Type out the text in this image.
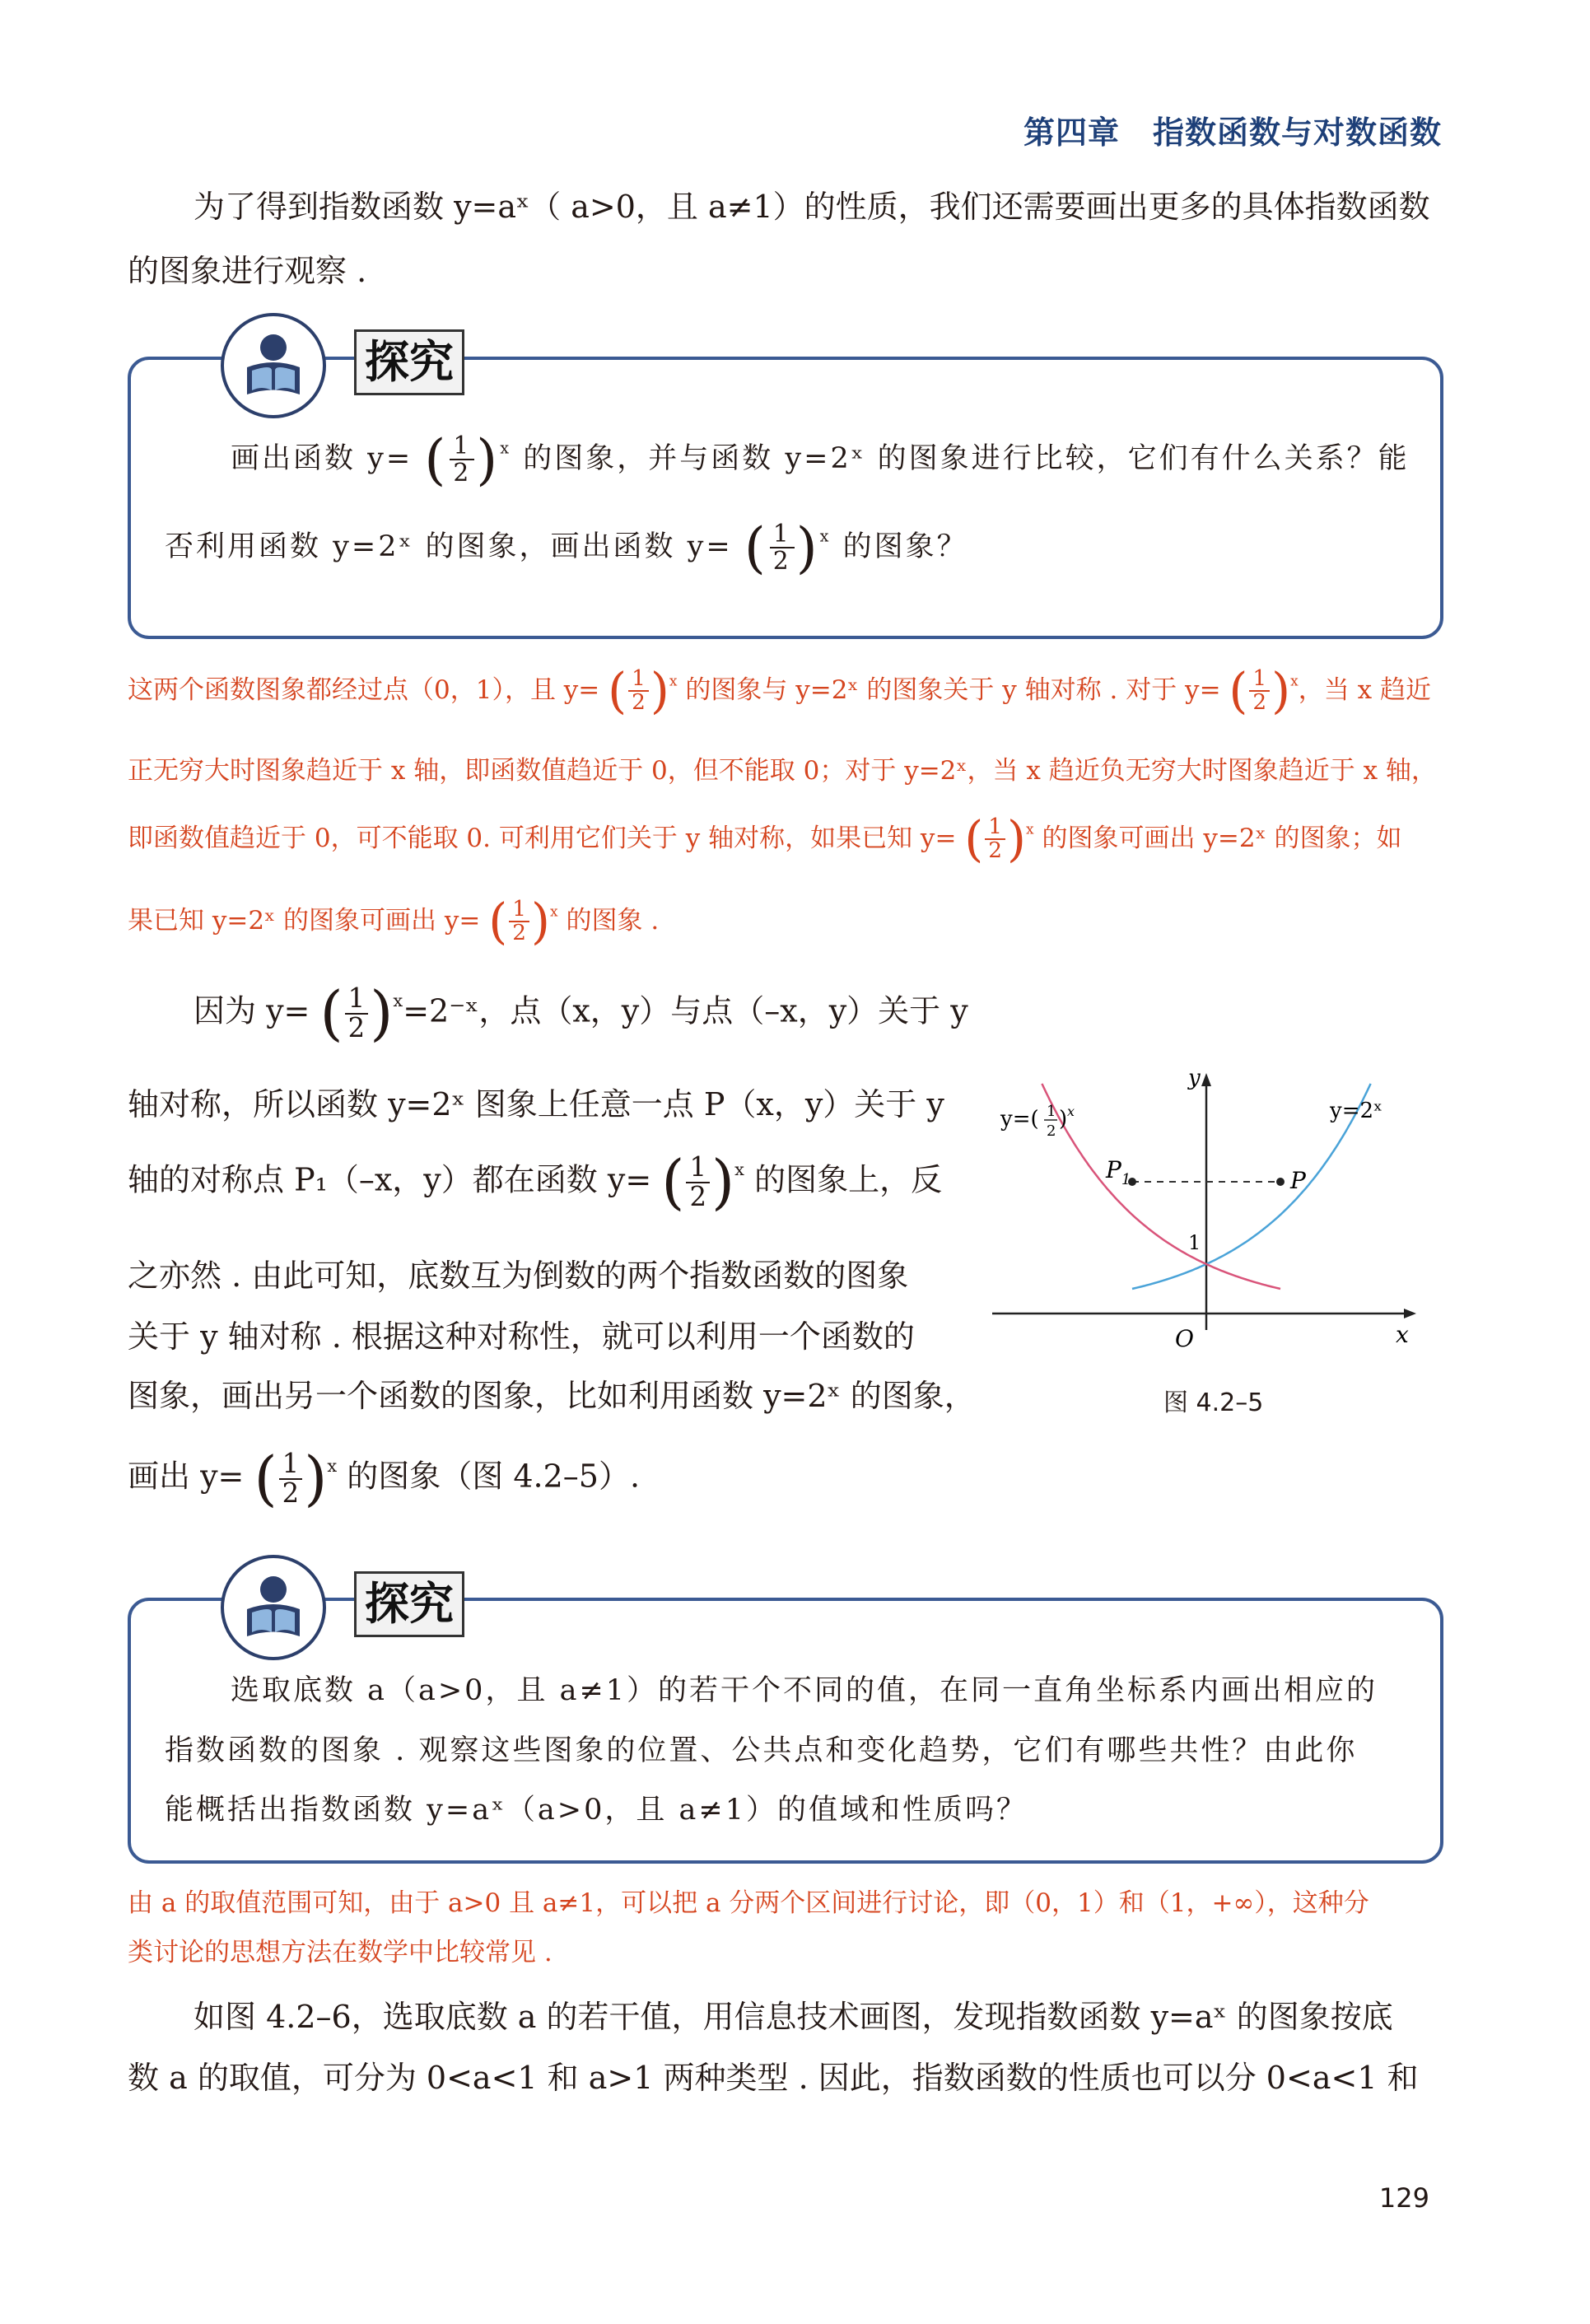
第四章 指数函数与对数函数
为了得到指数函数 y=aˣ（ a>0，且 a≠1）的性质，我们还需要画出更多的具体指数函数
的图象进行观察 .
探究
画出函数 y= ( $\frac{1}{2} )^x$ 的图象，并与函数 y=2ˣ 的图象进行比较，它们有什么关系？能
否利用函数 y=2ˣ 的图象，画出函数 y= ( $\frac{1}{2} )^x$ 的图象？
这两个函数图象都经过点（0，1），且 y= ( $\frac{1}{2} )^x$ 的图象与 y=2ˣ 的图象关于 y 轴对称 . 对于 y= ( $\frac{1}{2} )^x$，当 x 趋近
正无穷大时图象趋近于 x 轴，即函数值趋近于 0，但不能取 0；对于 y=2ˣ，当 x 趋近负无穷大时图象趋近于 x 轴，
即函数值趋近于 0，可不能取 0. 可利用它们关于 y 轴对称，如果已知 y= ( $\frac{1}{2} )^x$ 的图象可画出 y=2ˣ 的图象；如
果已知 y=2ˣ 的图象可画出 y= ( $\frac{1}{2} )^x$ 的图象 .
因为 y= ( $\frac{1}{2}$ )$^x$=2⁻ˣ，点（x，y）与点（–x，y）关于 y
轴对称，所以函数 y=2ˣ 图象上任意一点 P（x，y）关于 y
轴的对称点 P₁（–x，y）都在函数 y= ( $\frac{1}{2} )^x$ 的图象上，反
之亦然 . 由此可知，底数互为倒数的两个指数函数的图象
关于 y 轴对称 . 根据这种对称性，就可以利用一个函数的
图象，画出另一个函数的图象，比如利用函数 y=2ˣ 的图象，
画出 y= ( $\frac{1}{2} )^x$ 的图象（图 4.2–5）.
$P_1$	P
1
O	x
y
y=2ˣ
y=( 1
2 ) x
图 4.2–5
探究
选取底数 a（a>0，且 a≠1）的若干个不同的值，在同一直角坐标系内画出相应的
指数函数的图象 . 观察这些图象的位置、公共点和变化趋势，它们有哪些共性？由此你
能概括出指数函数 y=aˣ（a>0，且 a≠1）的值域和性质吗？
由 a 的取值范围可知，由于 a>0 且 a≠1，可以把 a 分两个区间进行讨论，即（0，1）和（1，+∞），这种分
类讨论的思想方法在数学中比较常见 .
如图 4.2–6，选取底数 a 的若干值，用信息技术画图，发现指数函数 y=aˣ 的图象按底
数 a 的取值，可分为 0<a<1 和 a>1 两种类型 . 因此，指数函数的性质也可以分 0<a<1 和
129
